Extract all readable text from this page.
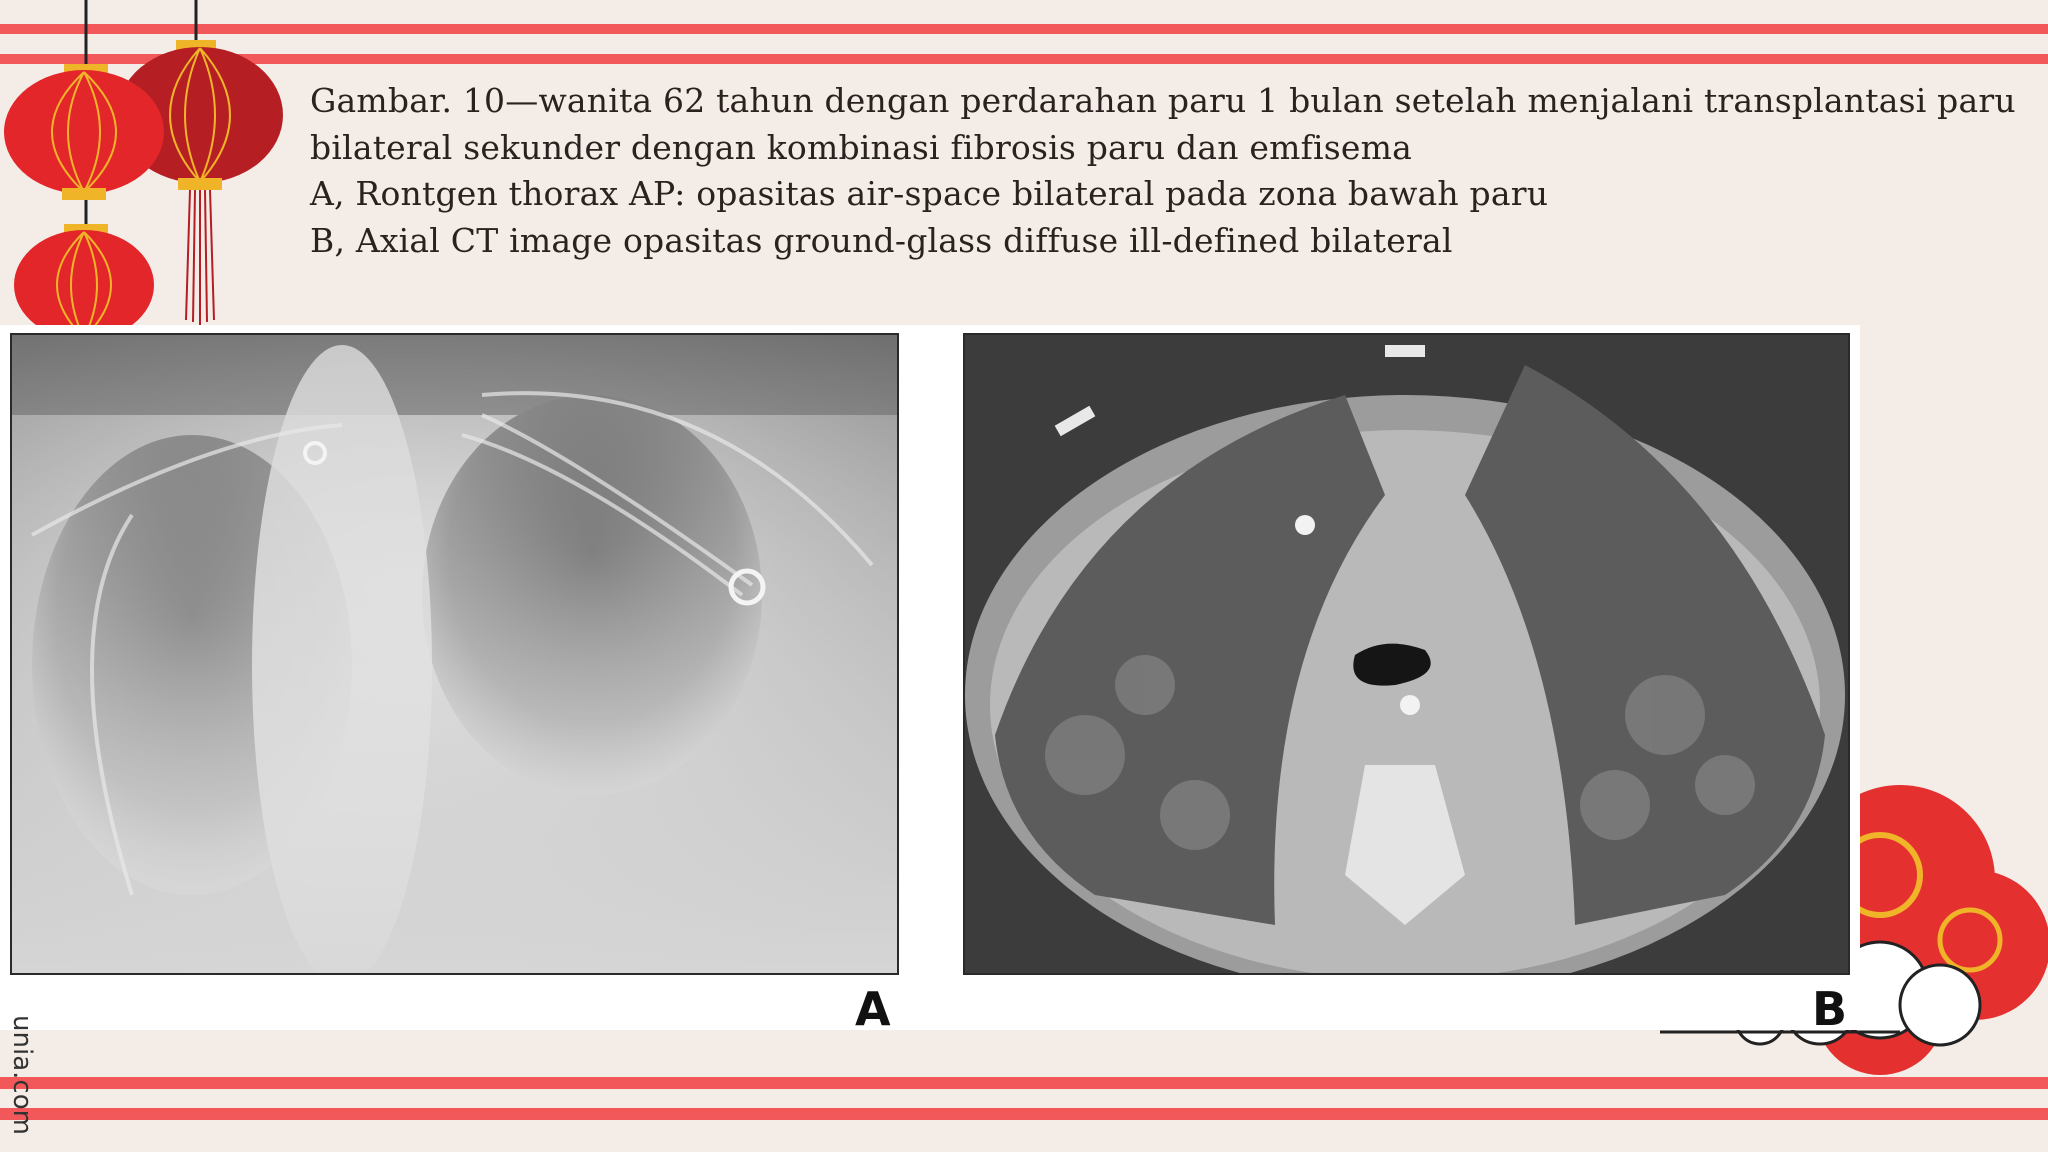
Gambar. 10—wanita 62 tahun dengan perdarahan paru 1 bulan setelah menjalani transplantasi paru
bilateral sekunder dengan kombinasi fibrosis paru dan emfisema
A, Rontgen thorax AP: opasitas air-space bilateral pada zona bawah paru
B, Axial CT image opasitas ground-glass diffuse ill-defined bilateral
A	B
unia.com
